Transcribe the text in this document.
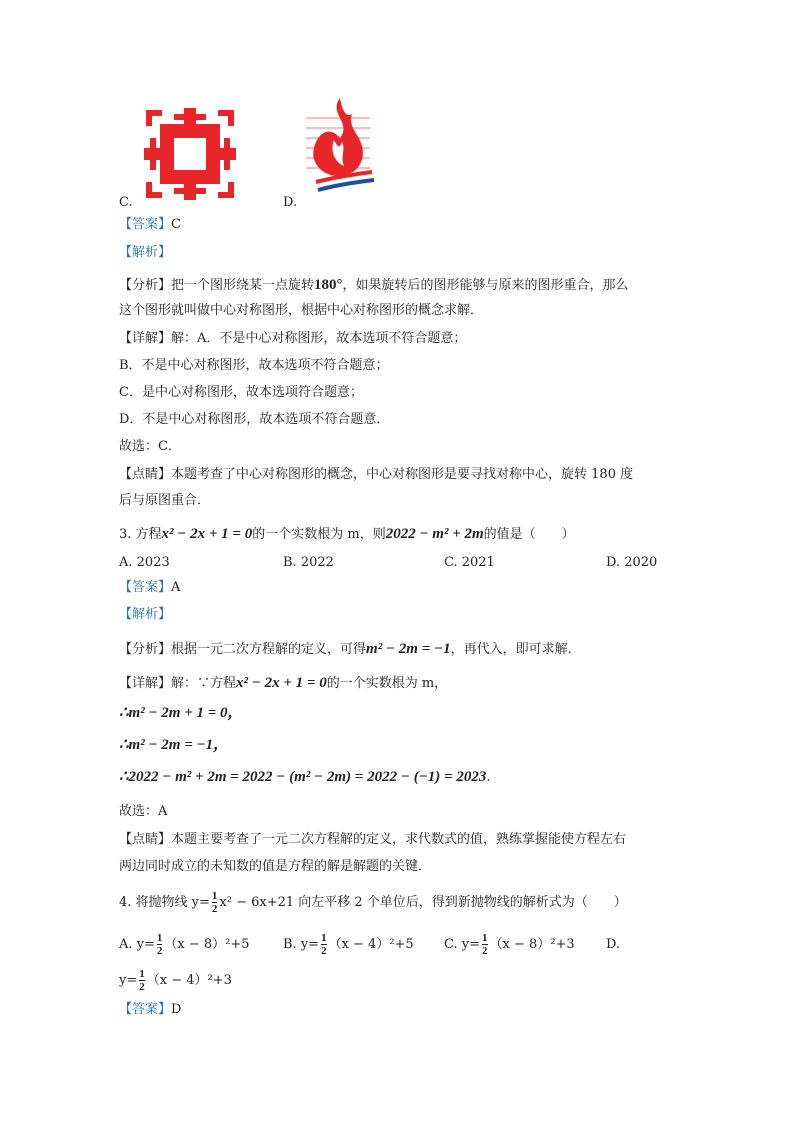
C.	D.
【答案】C
【解析】
【分析】把一个图形绕某一点旋转180°，如果旋转后的图形能够与原来的图形重合，那么
这个图形就叫做中心对称图形，根据中心对称图形的概念求解．
【详解】解：A．不是中心对称图形，故本选项不符合题意；
B．不是中心对称图形，故本选项不符合题意；
C．是中心对称图形，故本选项符合题意；
D．不是中心对称图形，故本选项不符合题意．
故选：C．
【点睛】本题考查了中心对称图形的概念，中心对称图形是要寻找对称中心，旋转 180 度
后与原图重合．
3. 方程x² − 2x + 1 = 0的一个实数根为 m，则2022 − m² + 2m的值是（　　）
A. 2023	B. 2022	C. 2021	D. 2020
【答案】A
【解析】
【分析】根据一元二次方程解的定义，可得m² − 2m = −1，再代入，即可求解．
【详解】解：∵方程x² − 2x + 1 = 0的一个实数根为 m，
∴m² − 2m + 1 = 0，
∴m² − 2m = −1，
∴2022 − m² + 2m = 2022 − (m² − 2m) = 2022 − (−1) = 2023.
故选：A
【点睛】本题主要考查了一元二次方程解的定义，求代数式的值，熟练掌握能使方程左右
两边同时成立的未知数的值是方程的解是解题的关键．
4. 将抛物线 $y= \frac{1}{2} x^2 - 6x+21$ 向左平移 2 个单位后，得到新抛物线的解析式为（　　）
A. $y= \frac{1}{2} (x - 8)^2+5$	B. $y= \frac{1}{2} (x - 4)^2+5$ C. $y= \frac{1}{2} (x - 8)^2+3$ D.
$y= \frac{1}{2} (x - 4)^2+3$
【答案】D
